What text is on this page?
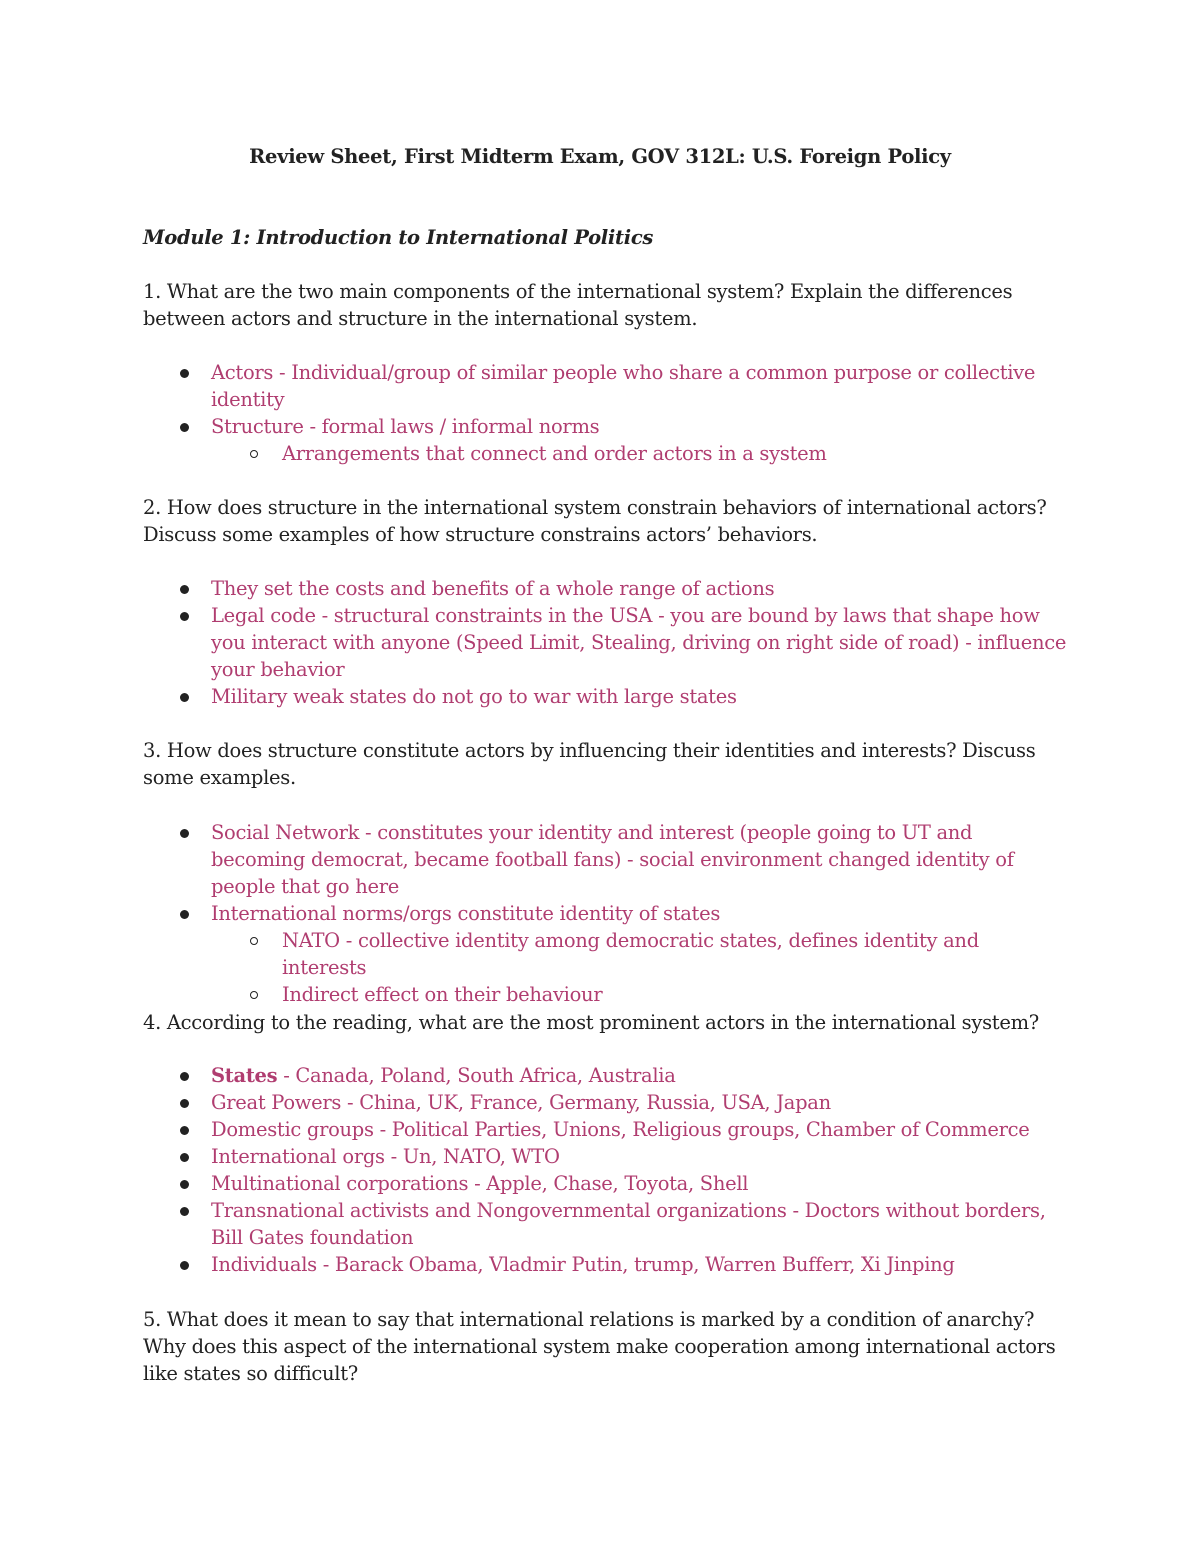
Review Sheet, First Midterm Exam, GOV 312L: U.S. Foreign Policy
Module 1: Introduction to International Politics
1. What are the two main components of the international system? Explain the differences between actors and structure in the international system.
Actors - Individual/group of similar people who share a common purpose or collective identity
Structure - formal laws / informal norms
Arrangements that connect and order actors in a system
2. How does structure in the international system constrain behaviors of international actors? Discuss some examples of how structure constrains actors’ behaviors.
They set the costs and benefits of a whole range of actions
Legal code - structural constraints in the USA - you are bound by laws that shape how you interact with anyone (Speed Limit, Stealing, driving on right side of road) - influence your behavior
Military weak states do not go to war with large states
3. How does structure constitute actors by influencing their identities and interests? Discuss some examples.
Social Network - constitutes your identity and interest (people going to UT and becoming democrat, became football fans) - social environment changed identity of people that go here
International norms/orgs constitute identity of states
NATO - collective identity among democratic states, defines identity and interests
Indirect effect on their behaviour
4. According to the reading, what are the most prominent actors in the international system?
States - Canada, Poland, South Africa, Australia
Great Powers - China, UK, France, Germany, Russia, USA, Japan
Domestic groups - Political Parties, Unions, Religious groups, Chamber of Commerce
International orgs - Un, NATO, WTO
Multinational corporations - Apple, Chase, Toyota, Shell
Transnational activists and Nongovernmental organizations - Doctors without borders, Bill Gates foundation
Individuals - Barack Obama, Vladmir Putin, trump, Warren Bufferr, Xi Jinping
5. What does it mean to say that international relations is marked by a condition of anarchy? Why does this aspect of the international system make cooperation among international actors like states so difficult?
